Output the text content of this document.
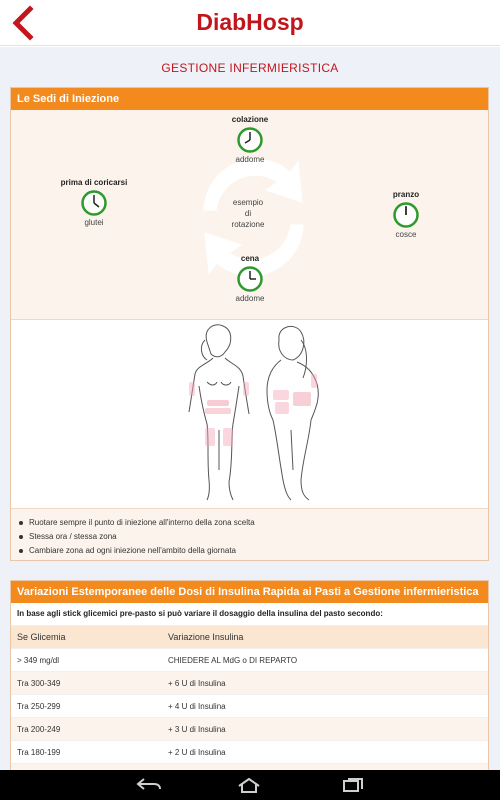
DiabHosp
GESTIONE INFERMIERISTICA
Le Sedi di Iniezione
colazione
addome
prima di coricarsi
glutei
pranzo
cosce
cena
addome
esempio
di
rotazione
Ruotare sempre il punto di iniezione all'interno della zona scelta
Stessa ora / stessa zona
Cambiare zona ad ogni iniezione nell'ambito della giornata
Variazioni Estemporanee delle Dosi di Insulina Rapida ai Pasti a Gestione infermieristica
In base agli stick glicemici pre-pasto si può variare il dosaggio della insulina del pasto secondo:
Se Glicemia	Variazione Insulina
> 349 mg/dl	CHIEDERE AL MdG o DI REPARTO
Tra 300-349	+ 6 U di Insulina
Tra 250-299	+ 4 U di Insulina
Tra 200-249	+ 3 U di Insulina
Tra 180-199	+ 2 U di Insulina
